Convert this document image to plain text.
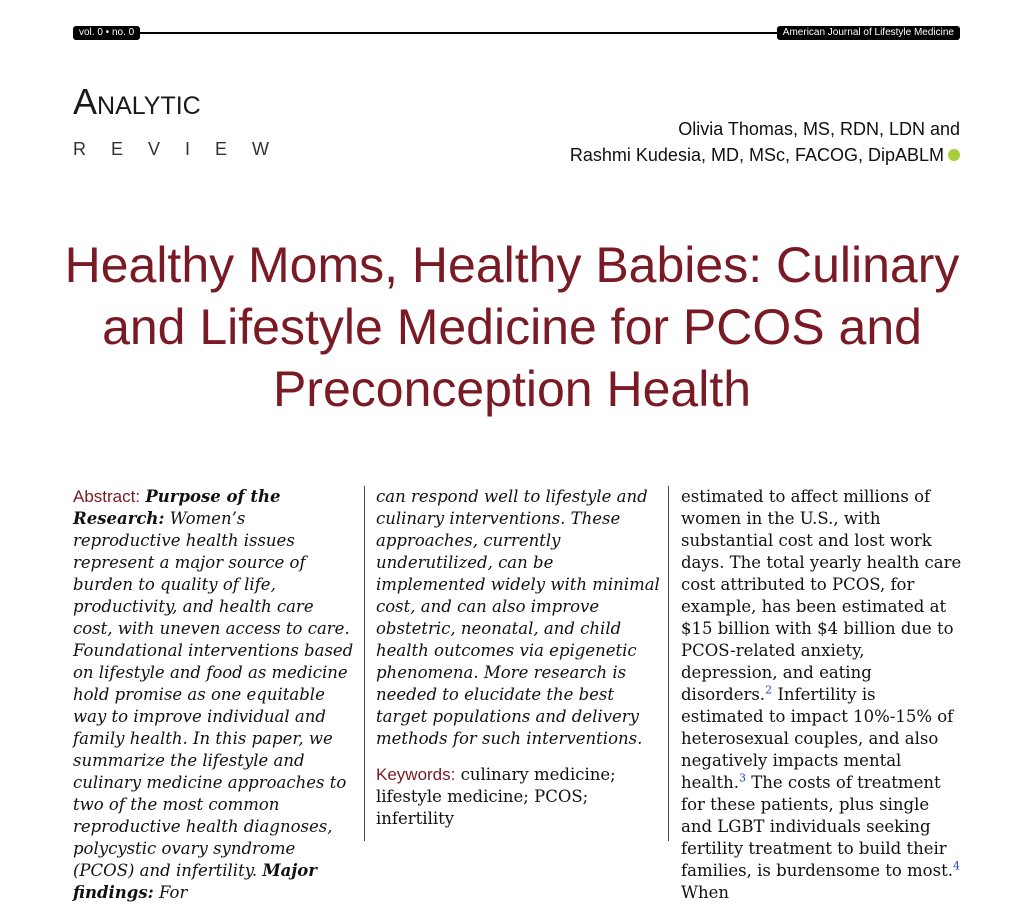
vol. 0 • no. 0	American Journal of Lifestyle Medicine
Analytic
REVIEW
Olivia Thomas, MS, RDN, LDN and
Rashmi Kudesia, MD, MSc, FACOG, DipABLM
Healthy Moms, Healthy Babies: Culinary and Lifestyle Medicine for PCOS and Preconception Health
Abstract: Purpose of the Research: Women’s reproductive health issues represent a major source of burden to quality of life, productivity, and health care cost, with uneven access to care. Foundational interventions based on lifestyle and food as medicine hold promise as one equitable way to improve individual and family health. In this paper, we summarize the lifestyle and culinary medicine approaches to two of the most common reproductive health diagnoses, polycystic ovary syndrome (PCOS) and infertility. Major findings: For
can respond well to lifestyle and culinary interventions. These approaches, currently underutilized, can be implemented widely with minimal cost, and can also improve obstetric, neonatal, and child health outcomes via epigenetic phenomena. More research is needed to elucidate the best target populations and delivery methods for such interventions.
Keywords: culinary medicine; lifestyle medicine; PCOS; infertility
estimated to affect millions of women in the U.S., with substantial cost and lost work days. The total yearly health care cost attributed to PCOS, for example, has been estimated at $15 billion with $4 billion due to PCOS-related anxiety, depression, and eating disorders.$^2$ Infertility is estimated to impact 10%-15% of heterosexual couples, and also negatively impacts mental health.$^3$ The costs of treatment for these patients, plus single and LGBT individuals seeking fertility treatment to build their families, is burdensome to most.$^4$ When
